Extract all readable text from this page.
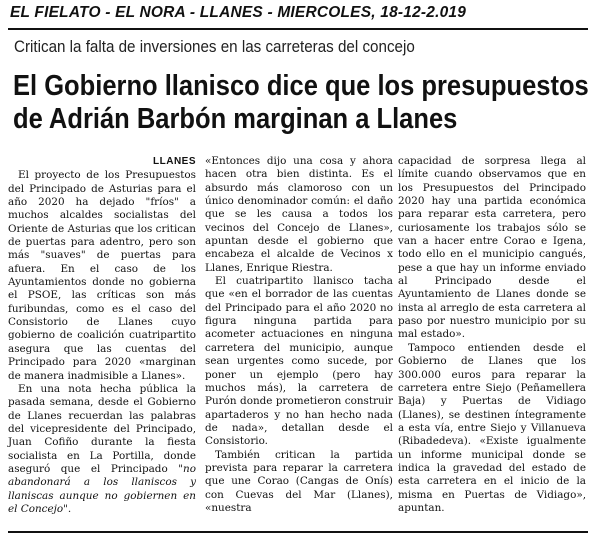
EL FIELATO - EL NORA - LLANES - MIERCOLES, 18-12-2.019
Critican la falta de inversiones en las carreteras del concejo
El Gobierno llanisco dice que los presupuestos
de Adrián Barbón marginan a Llanes
LLANES

El proyecto de los Presupuestos del Principado de Asturias para el año 2020 ha dejado "fríos" a muchos alcaldes socialistas del Oriente de Asturias que los critican de puertas para adentro, pero son más "suaves" de puertas para afuera. En el caso de los Ayuntamientos donde no gobierna el PSOE, las críticas son más furibundas, como es el caso del Consistorio de Llanes cuyo gobierno de coalición cuatripartito asegura que las cuentas del Principado para 2020 «marginan de manera inadmisible a Llanes».

En una nota hecha pública la pasada semana, desde el Gobierno de Llanes recuerdan las palabras del vicepresidente del Principado, Juan Cofiño durante la fiesta socialista en La Portilla, donde aseguró que el Principado "no abandonará a los llaniscos y llaniscas aunque no gobiernen en el Concejo".

«Entonces dijo una cosa y ahora hacen otra bien distinta. Es el absurdo más clamoroso con un único denominador común: el daño que se les causa a todos los vecinos del Concejo de Llanes», apuntan desde el gobierno que encabeza el alcalde de Vecinos x Llanes, Enrique Riestra.

El cuatripartito llanisco tacha que «en el borrador de las cuentas del Principado para el año 2020 no figura ninguna partida para acometer actuaciones en ninguna carretera del municipio, aunque sean urgentes como sucede, por poner un ejemplo (pero hay muchos más), la carretera de Purón donde prometieron construir apartaderos y no han hecho nada de nada», detallan desde el Consistorio.

También critican la partida prevista para reparar la carretera que une Corao (Cangas de Onís) con Cuevas del Mar (Llanes), «nuestra

capacidad de sorpresa llega al límite cuando observamos que en los Presupuestos del Principado 2020 hay una partida económica para reparar esta carretera, pero curiosamente los trabajos sólo se van a hacer entre Corao e Igena, todo ello en el municipio cangués, pese a que hay un informe enviado al Principado desde el Ayuntamiento de Llanes donde se insta al arreglo de esta carretera al paso por nuestro municipio por su mal estado».

Tampoco entienden desde el Gobierno de Llanes que los 300.000 euros para reparar la carretera entre Siejo (Peñamellera Baja) y Puertas de Vidiago (Llanes), se destinen íntegramente a esta vía, entre Siejo y Villanueva (Ribadedeva). «Existe igualmente un informe municipal donde se indica la gravedad del estado de esta carretera en el inicio de la misma en Puertas de Vidiago», apuntan.
